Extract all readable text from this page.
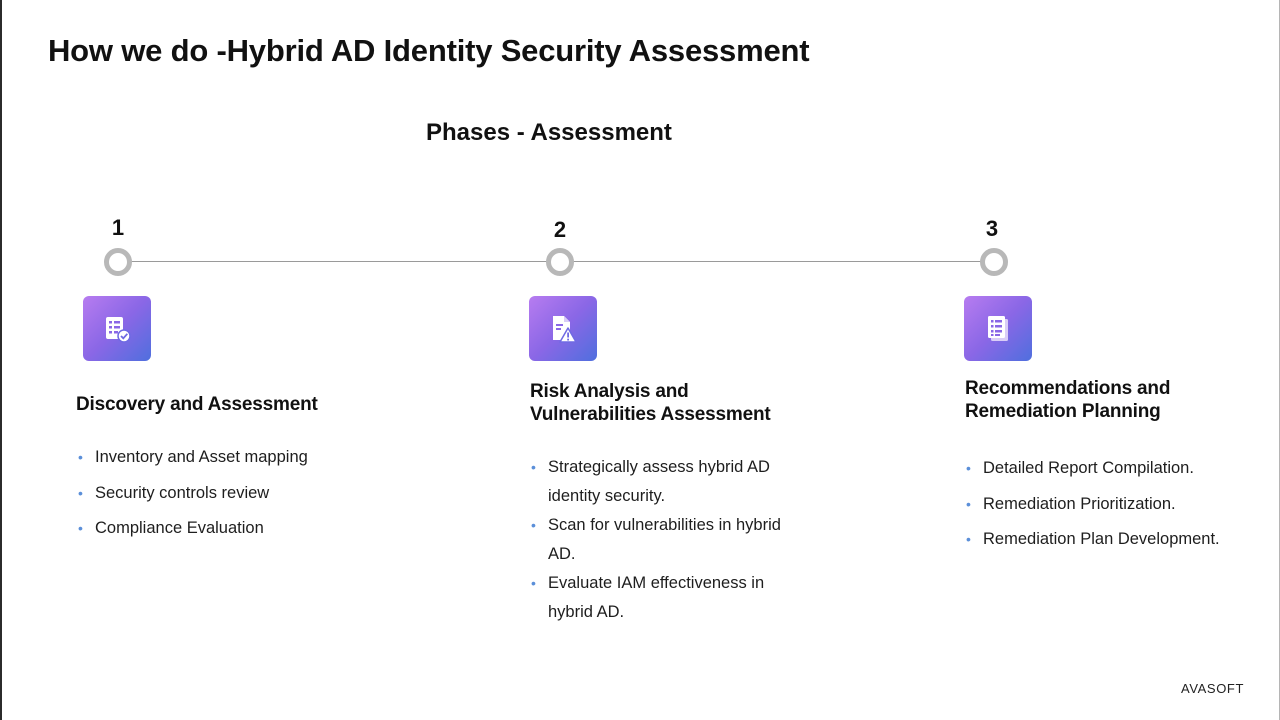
How we do -Hybrid AD Identity Security Assessment
Phases - Assessment
1
Discovery and Assessment
• Inventory and Asset mapping
• Security controls review
• Compliance Evaluation
2
Risk Analysis and
Vulnerabilities Assessment
• Strategically assess hybrid AD identity security.
• Scan for vulnerabilities in hybrid AD.
• Evaluate IAM effectiveness in hybrid AD.
3
Recommendations and
Remediation Planning
• Detailed Report Compilation.
• Remediation Prioritization.
• Remediation Plan Development.
AVASOFT
